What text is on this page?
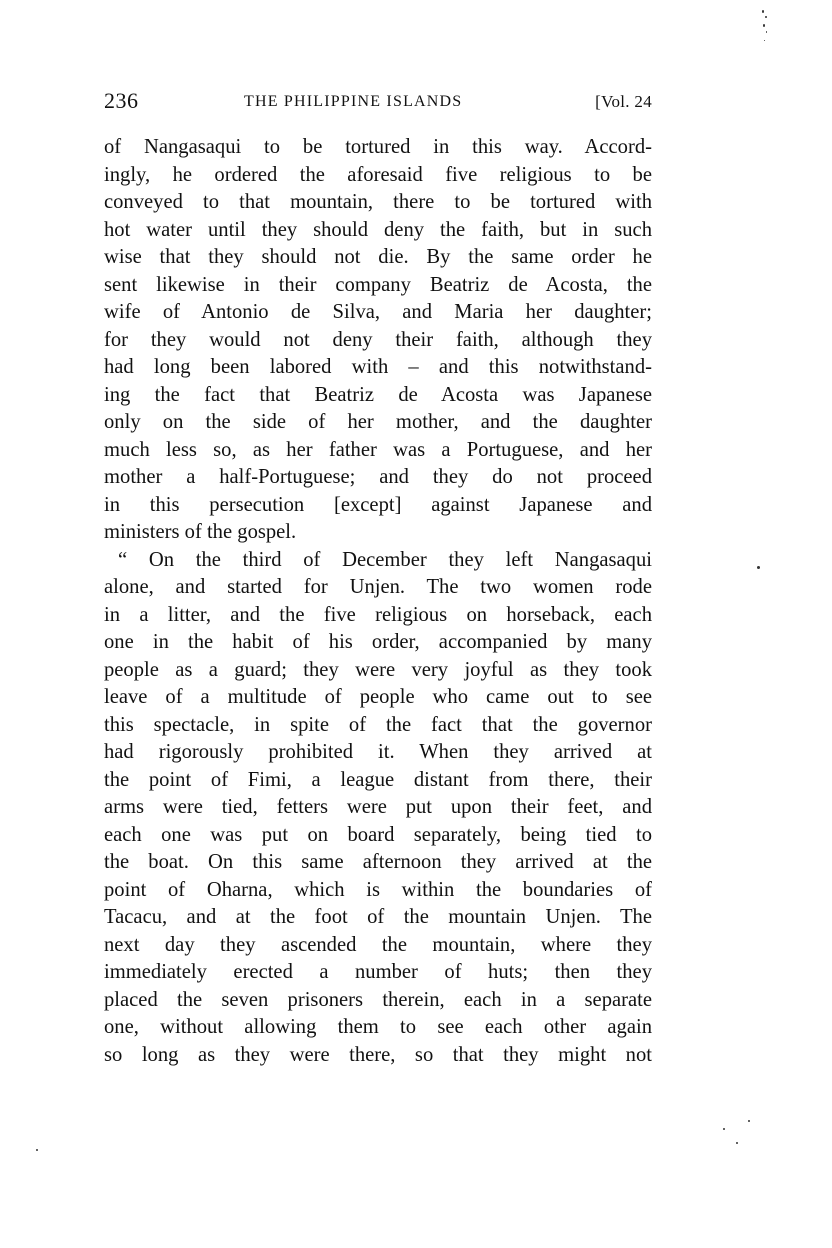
236	THE PHILIPPINE ISLANDS	[Vol. 24
of Nangasaqui to be tortured in this way. Accord-
ingly, he ordered the aforesaid five religious to be
conveyed to that mountain, there to be tortured with
hot water until they should deny the faith, but in such
wise that they should not die. By the same order he
sent likewise in their company Beatriz de Acosta, the
wife of Antonio de Silva, and Maria her daughter;
for they would not deny their faith, although they
had long been labored with – and this notwithstand-
ing the fact that Beatriz de Acosta was Japanese
only on the side of her mother, and the daughter
much less so, as her father was a Portuguese, and her
mother a half-Portuguese; and they do not proceed
in this persecution [except] against Japanese and
ministers of the gospel.
“ On the third of December they left Nangasaqui
alone, and started for Unjen. The two women rode
in a litter, and the five religious on horseback, each
one in the habit of his order, accompanied by many
people as a guard; they were very joyful as they took
leave of a multitude of people who came out to see
this spectacle, in spite of the fact that the governor
had rigorously prohibited it. When they arrived at
the point of Fimi, a league distant from there, their
arms were tied, fetters were put upon their feet, and
each one was put on board separately, being tied to
the boat. On this same afternoon they arrived at the
point of Oharna, which is within the boundaries of
Tacacu, and at the foot of the mountain Unjen. The
next day they ascended the mountain, where they
immediately erected a number of huts; then they
placed the seven prisoners therein, each in a separate
one, without allowing them to see each other again
so long as they were there, so that they might not
